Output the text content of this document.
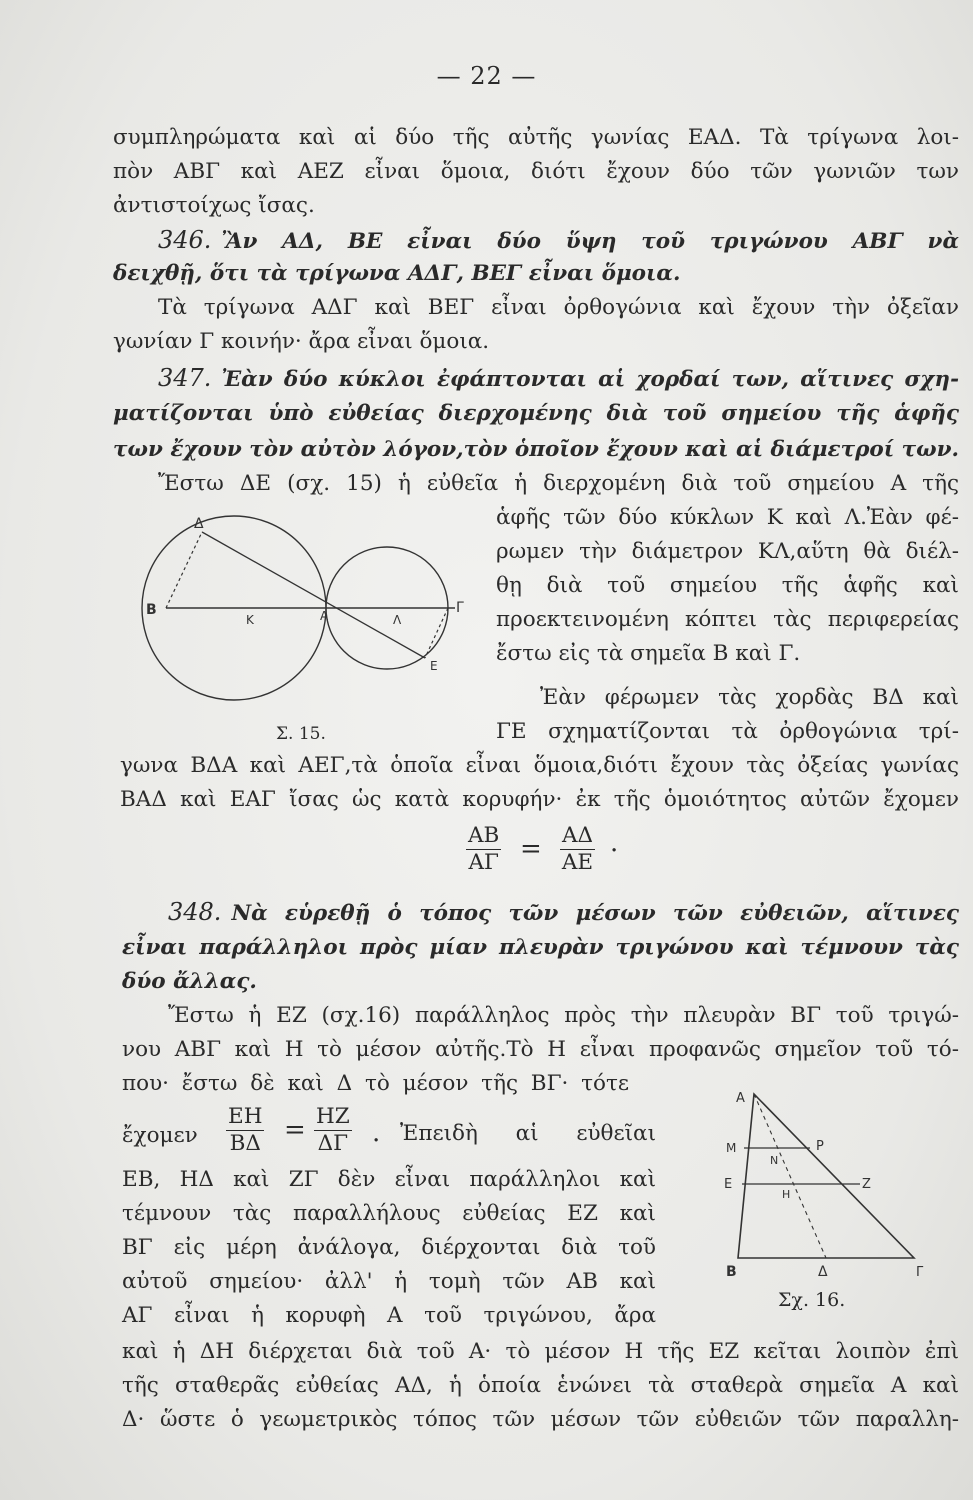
— 22 —
συμπληρώματα καὶ αἱ δύο τῆς αὐτῆς γωνίας ΕΑΔ. Τὰ τρίγωνα λοι-
πὸν ΑΒΓ καὶ ΑΕΖ εἶναι ὅμοια, διότι ἔχουν δύο τῶν γωνιῶν των
ἀντιστοίχως ἴσας.
346. Ἂν ΑΔ, ΒΕ εἶναι δύο ὕψη τοῦ τριγώνου ΑΒΓ νὰ
δειχθῇ, ὅτι τὰ τρίγωνα ΑΔΓ, ΒΕΓ εἶναι ὅμοια.
Τὰ τρίγωνα ΑΔΓ καὶ ΒΕΓ εἶναι ὀρθογώνια καὶ ἔχουν τὴν ὀξεῖαν
γωνίαν Γ κοινήν· ἄρα εἶναι ὅμοια.
347. Ἐὰν δύο κύκλοι ἐφάπτονται αἱ χορδαί των, αἵτινες σχη-
ματίζονται ὑπὸ εὐθείας διερχομένης διὰ τοῦ σημείου τῆς ἁφῆς
των ἔχουν τὸν αὐτὸν λόγον,τὸν ὁποῖον ἔχουν καὶ αἱ διάμετροί των.
Ἔστω ΔΕ (σχ. 15) ἡ εὐθεῖα ἡ διερχομένη διὰ τοῦ σημείου Α τῆς
Δ
Β
Κ	Α	Λ
Γ
Ε
ἁφῆς τῶν δύο κύκλων Κ καὶ Λ.Ἐὰν φέ-
ρωμεν τὴν διάμετρον ΚΛ,αὕτη θὰ διέλ-
θῃ διὰ τοῦ σημείου τῆς ἁφῆς καὶ
προεκτεινομένη κόπτει τὰς περιφερείας
ἔστω εἰς τὰ σημεῖα Β καὶ Γ.
Ἐὰν φέρωμεν τὰς χορδὰς ΒΔ καὶ
Σ. 15.	ΓΕ σχηματίζονται τὰ ὀρθογώνια τρί-
γωνα ΒΔΑ καὶ ΑΕΓ,τὰ ὁποῖα εἶναι ὅμοια,διότι ἔχουν τὰς ὀξείας γωνίας
ΒΑΔ καὶ ΕΑΓ ἴσας ὡς κατὰ κορυφήν· ἐκ τῆς ὁμοιότητος αὐτῶν ἔχομεν
$\frac{AB}{A\Gamma} = \frac{A\Delta}{AE}$ ·
348. Νὰ εὑρεθῇ ὁ τόπος τῶν μέσων τῶν εὐθειῶν, αἵτινες
εἶναι παράλληλοι πρὸς μίαν πλευρὰν τριγώνου καὶ τέμνουν τὰς
δύο ἄλλας.
Ἔστω ἡ ΕΖ (σχ.16) παράλληλος πρὸς τὴν πλευρὰν ΒΓ τοῦ τριγώ-
νου ΑΒΓ καὶ Η τὸ μέσον αὐτῆς.Τὸ Η εἶναι προφανῶς σημεῖον τοῦ τό-
που· ἔστω δὲ καὶ Δ τὸ μέσον τῆς ΒΓ· τότε
ἔχομεν $\frac{EH}{B\Delta} = \frac{HZ}{\Delta\Gamma}$ . Ἐπειδὴ αἱ εὐθεῖαι
ΕΒ, ΗΔ καὶ ΖΓ δὲν εἶναι παράλληλοι καὶ
τέμνουν τὰς παραλλήλους εὐθείας ΕΖ καὶ
ΒΓ εἰς μέρη ἀνάλογα, διέρχονται διὰ τοῦ
αὐτοῦ σημείου· ἀλλ' ἡ τομὴ τῶν ΑΒ καὶ
ΑΓ εἶναι ἡ κορυφὴ Α τοῦ τριγώνου, ἄρα
Α
Μ
Ν
Ρ
Ε
Η
Ζ
Β	Δ	Γ
Σχ. 16.
καὶ ἡ ΔΗ διέρχεται διὰ τοῦ Α· τὸ μέσον Η τῆς ΕΖ κεῖται λοιπὸν ἐπὶ
τῆς σταθερᾶς εὐθείας ΑΔ, ἡ ὁποία ἑνώνει τὰ σταθερὰ σημεῖα Α καὶ
Δ· ὥστε ὁ γεωμετρικὸς τόπος τῶν μέσων τῶν εὐθειῶν τῶν παραλλη-
